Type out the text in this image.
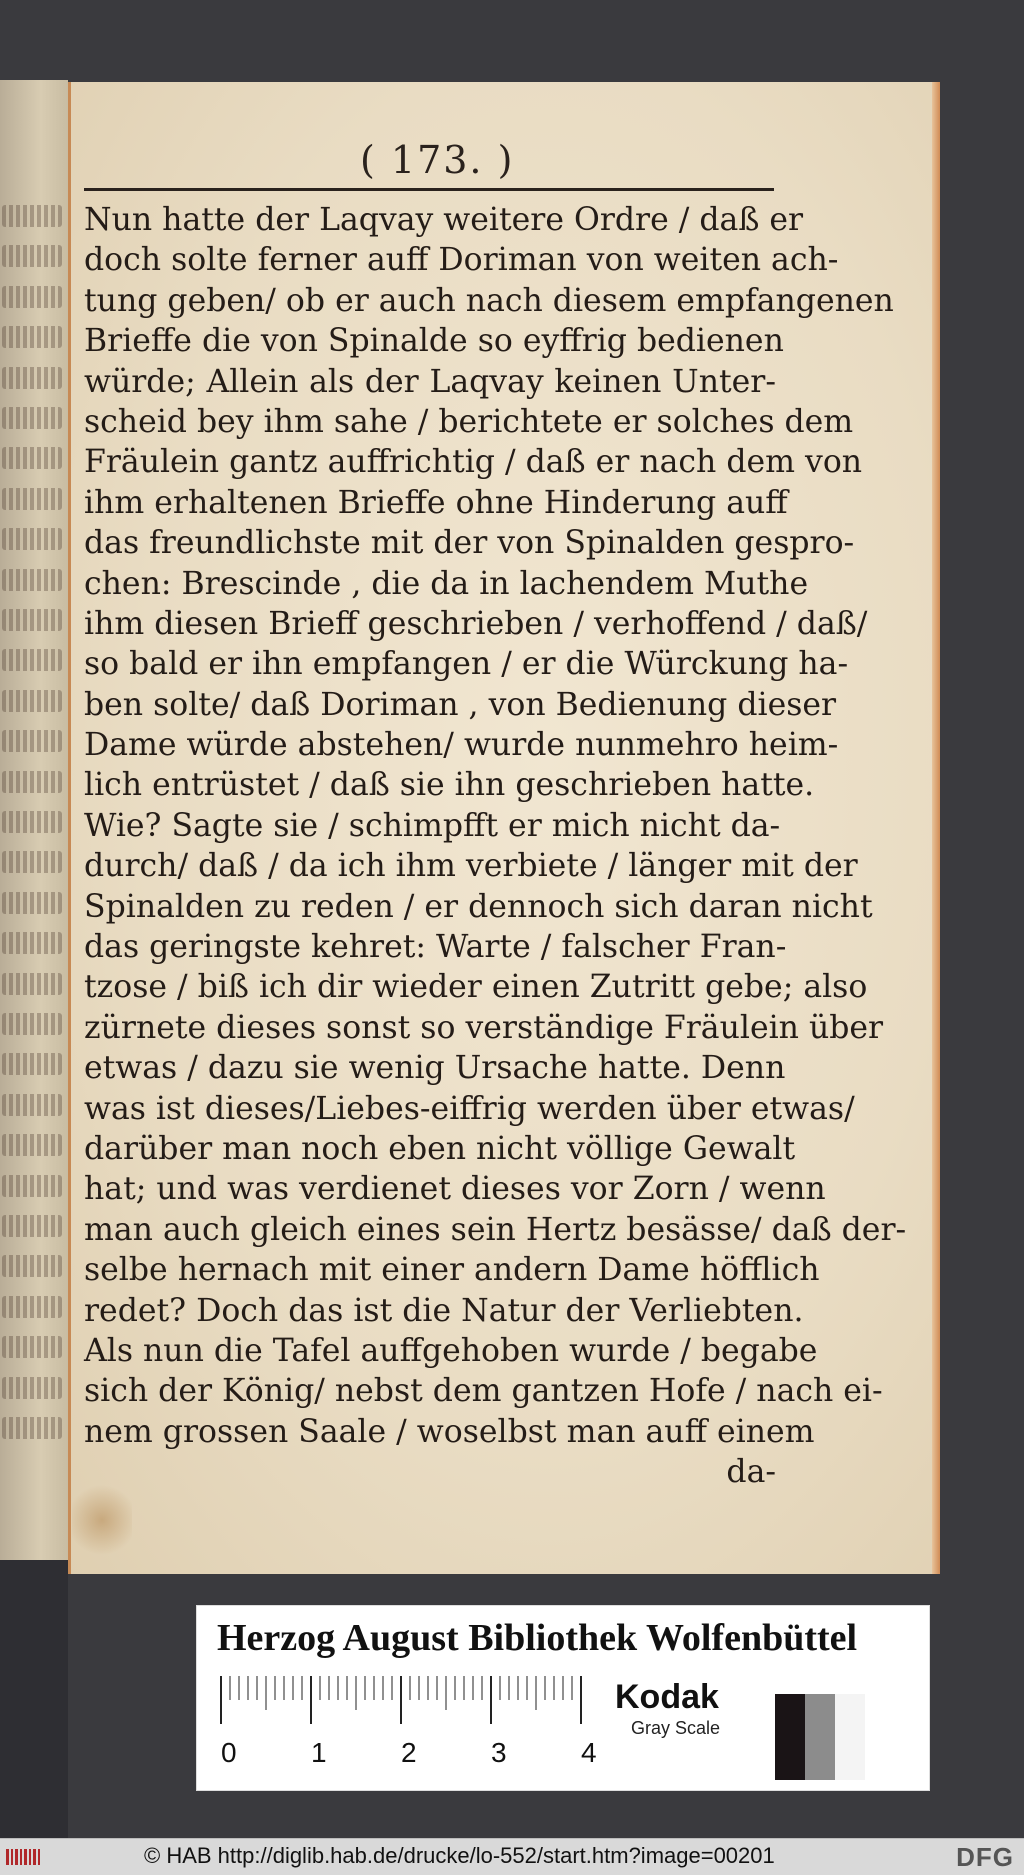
( 173. )
Nun hatte der Laqvay weitere Ordre / daß er
doch solte ferner auff Doriman von weiten ach-
tung geben/ ob er auch nach diesem empfangenen
Brieffe die von Spinalde so eyffrig bedienen
würde; Allein als der Laqvay keinen Unter-
scheid bey ihm sahe / berichtete er solches dem
Fräulein gantz auffrichtig / daß er nach dem von
ihm erhaltenen Brieffe ohne Hinderung auff
das freundlichste mit der von Spinalden gespro-
chen: Brescinde , die da in lachendem Muthe
ihm diesen Brieff geschrieben / verhoffend / daß/
so bald er ihn empfangen / er die Würckung ha-
ben solte/ daß Doriman , von Bedienung dieser
Dame würde abstehen/ wurde nunmehro heim-
lich entrüstet / daß sie ihn geschrieben hatte.
Wie? Sagte sie / schimpfft er mich nicht da-
durch/ daß / da ich ihm verbiete / länger mit der
Spinalden zu reden / er dennoch sich daran nicht
das geringste kehret: Warte / falscher Fran-
tzose / biß ich dir wieder einen Zutritt gebe; also
zürnete dieses sonst so verständige Fräulein über
etwas / dazu sie wenig Ursache hatte. Denn
was ist dieses/Liebes-eiffrig werden über etwas/
darüber man noch eben nicht völlige Gewalt
hat; und was verdienet dieses vor Zorn / wenn
man auch gleich eines sein Hertz besässe/ daß der-
selbe hernach mit einer andern Dame höfflich
redet? Doch das ist die Natur der Verliebten.
Als nun die Tafel auffgehoben wurde / begabe
sich der König/ nebst dem gantzen Hofe / nach ei-
nem grossen Saale / woselbst man auff einem
da-
Herzog August Bibliothek Wolfenbüttel
0	1	2	3	4
Kodak
Gray Scale
© HAB http://diglib.hab.de/drucke/lo-552/start.htm?image=00201	DFG
